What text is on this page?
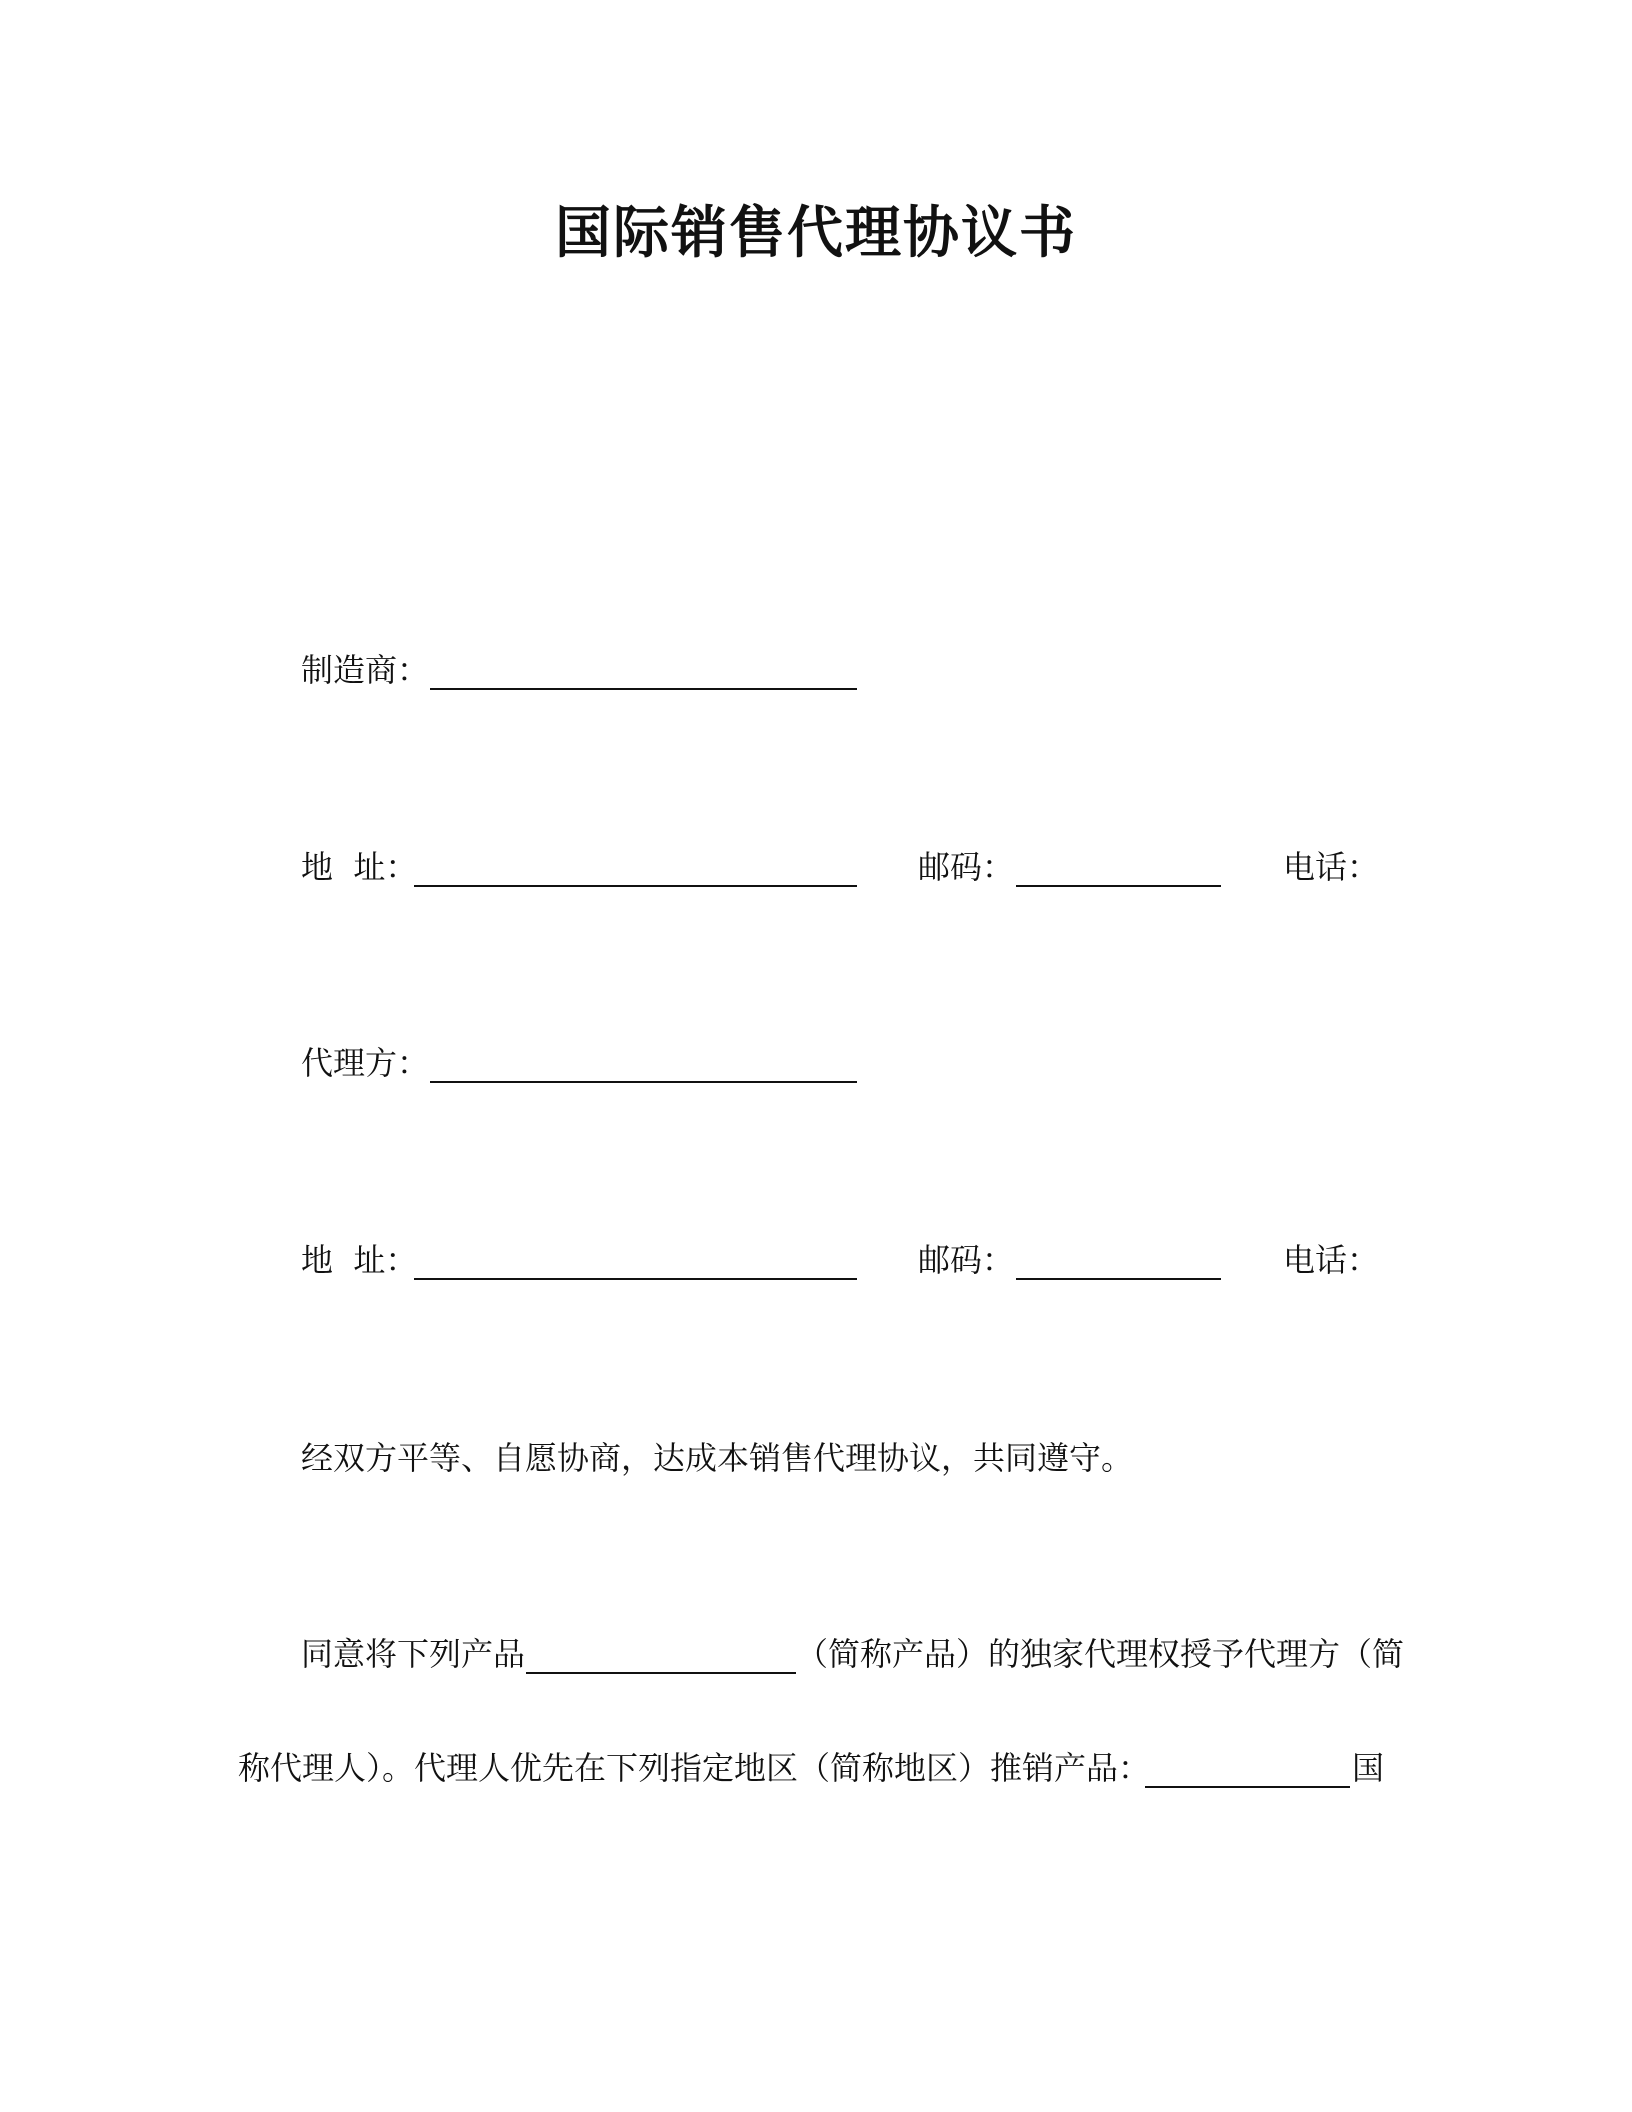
国际销售代理协议书
制造商：
地  址：	邮码：	电话：
代理方：
地  址：	邮码：	电话：
经双方平等、自愿协商，达成本销售代理协议，共同遵守。
同意将下列产品	（简称产品）的独家代理权授予代理方（简
称代理人）。代理人优先在下列指定地区（简称地区）推销产品：	国
